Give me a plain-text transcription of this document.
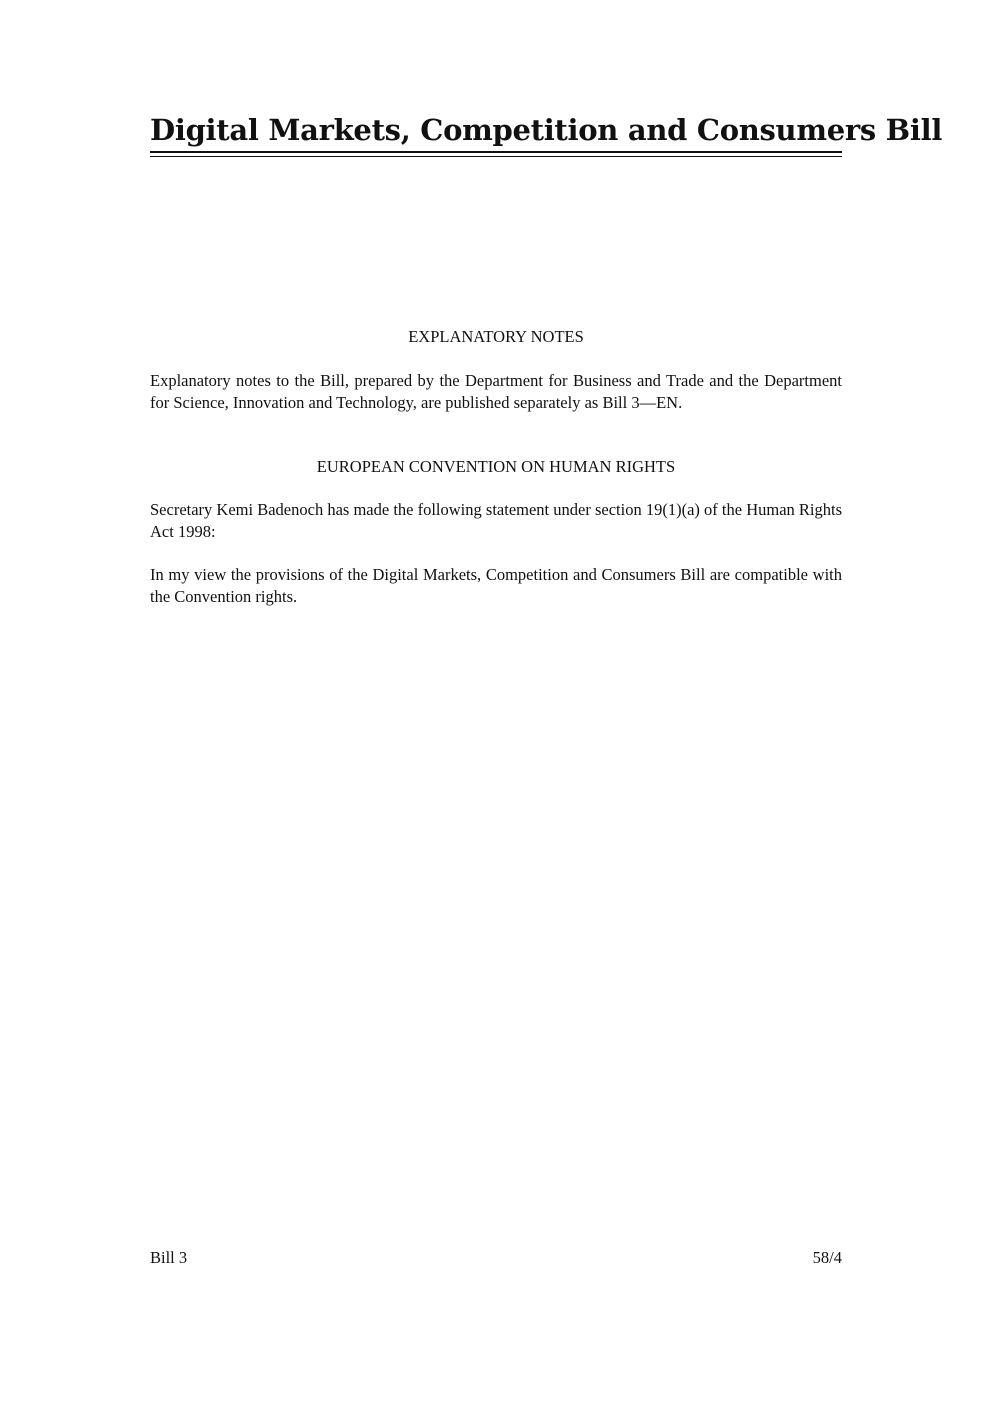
Digital Markets, Competition and Consumers Bill
EXPLANATORY NOTES

Explanatory notes to the Bill, prepared by the Department for Business and Trade and the Department for Science, Innovation and Technology, are published separately as Bill 3—EN.

EUROPEAN CONVENTION ON HUMAN RIGHTS

Secretary Kemi Badenoch has made the following statement under section 19(1)(a) of the Human Rights Act 1998:

In my view the provisions of the Digital Markets, Competition and Consumers Bill are compatible with the Convention rights.

Bill 3	58/4
